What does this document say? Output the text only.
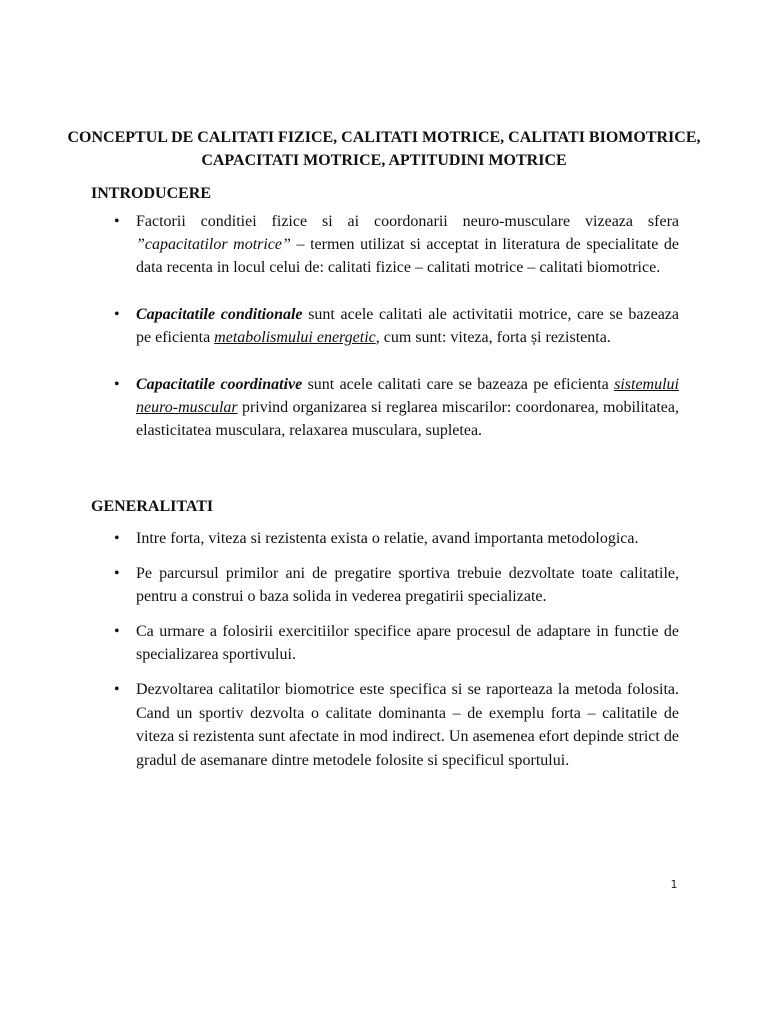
CONCEPTUL DE CALITATI FIZICE, CALITATI MOTRICE, CALITATI BIOMOTRICE, CAPACITATI MOTRICE, APTITUDINI MOTRICE
INTRODUCERE
• Factorii conditiei fizice si ai coordonarii neuro-musculare vizeaza sfera ”capacitatilor motrice” – termen utilizat si acceptat in literatura de specialitate de data recenta in locul celui de: calitati fizice – calitati motrice – calitati biomotrice.
• Capacitatile conditionale sunt acele calitati ale activitatii motrice, care se bazeaza pe eficienta metabolismului energetic, cum sunt: viteza, forta și rezistenta.
• Capacitatile coordinative sunt acele calitati care se bazeaza pe eficienta sistemului neuro-muscular privind organizarea si reglarea miscarilor: coordonarea, mobilitatea, elasticitatea musculara, relaxarea musculara, supletea.
GENERALITATI
• Intre forta, viteza si rezistenta exista o relatie, avand importanta metodologica.
• Pe parcursul primilor ani de pregatire sportiva trebuie dezvoltate toate calitatile, pentru a construi o baza solida in vederea pregatirii specializate.
• Ca urmare a folosirii exercitiilor specifice apare procesul de adaptare in functie de specializarea sportivului.
• Dezvoltarea calitatilor biomotrice este specifica si se raporteaza la metoda folosita. Cand un sportiv dezvolta o calitate dominanta – de exemplu forta – calitatile de viteza si rezistenta sunt afectate in mod indirect. Un asemenea efort depinde strict de gradul de asemanare dintre metodele folosite si specificul sportului.
1
